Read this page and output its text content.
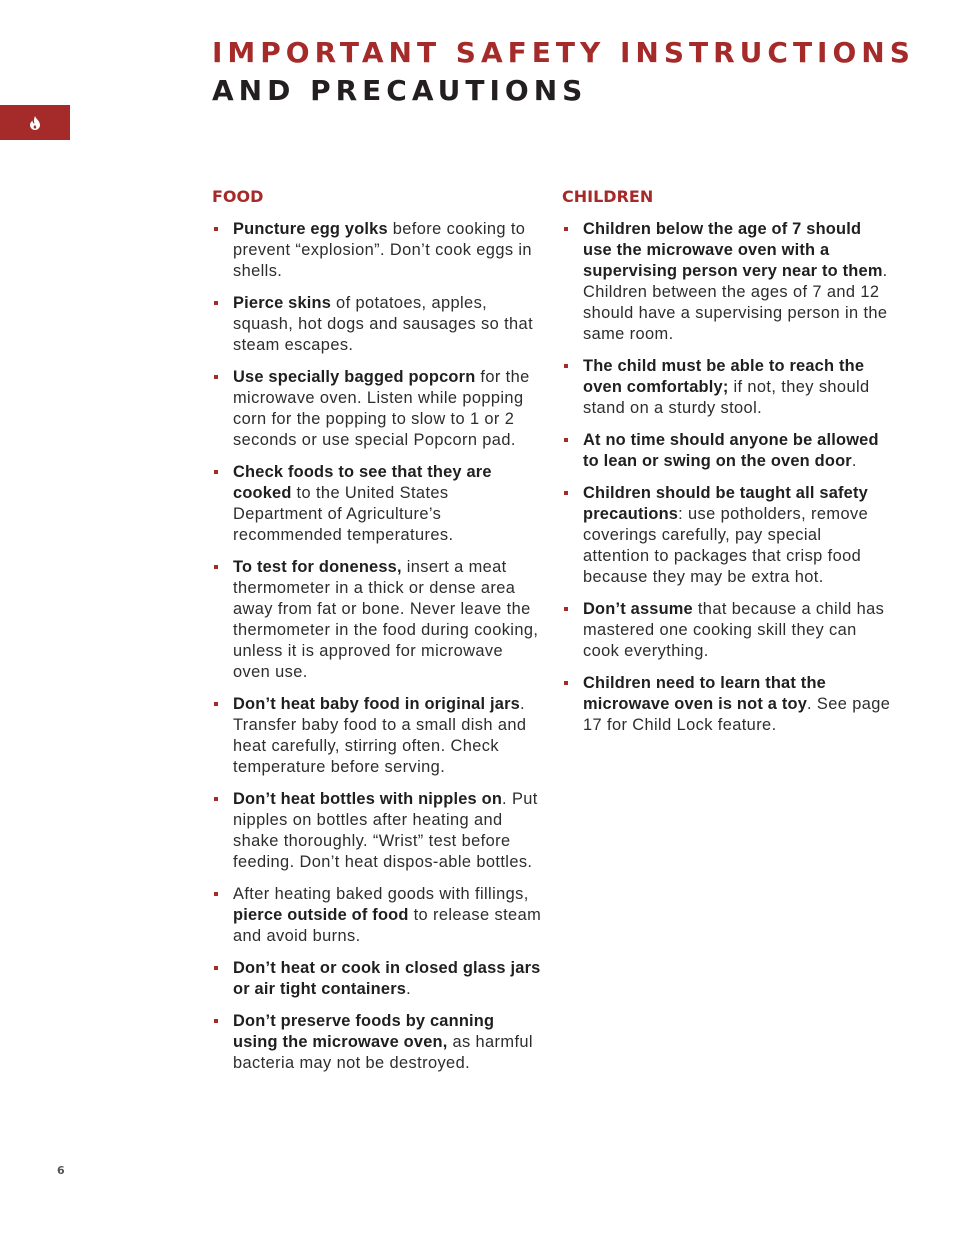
IMPORTANT SAFETY INSTRUCTIONS
AND PRECAUTIONS
FOOD
Puncture egg yolks before cooking to prevent “explosion”. Don’t cook eggs in shells.
Pierce skins of potatoes, apples, squash, hot dogs and sausages so that steam escapes.
Use specially bagged popcorn for the microwave oven. Listen while popping corn for the popping to slow to 1 or 2 seconds or use special Popcorn pad.
Check foods to see that they are cooked to the United States Department of Agriculture’s recommended temperatures.
To test for doneness, insert a meat thermometer in a thick or dense area away from fat or bone. Never leave the thermometer in the food during cooking, unless it is approved for microwave oven use.
Don’t heat baby food in original jars. Transfer baby food to a small dish and heat carefully, stirring often. Check temperature before serving.
Don’t heat bottles with nipples on. Put nipples on bottles after heating and shake thoroughly. “Wrist” test before feeding. Don’t heat dispos-able bottles.
After heating baked goods with fillings, pierce outside of food to release steam and avoid burns.
Don’t heat or cook in closed glass jars or air tight containers.
Don’t preserve foods by canning using the microwave oven, as harmful bacteria may not be destroyed.
CHILDREN
Children below the age of 7 should use the microwave oven with a supervising person very near to them. Children between the ages of 7 and 12 should have a supervising person in the same room.
The child must be able to reach the oven comfortably; if not, they should stand on a sturdy stool.
At no time should anyone be allowed to lean or swing on the oven door.
Children should be taught all safety precautions: use potholders, remove coverings carefully, pay special attention to packages that crisp food because they may be extra hot.
Don’t assume that because a child has mastered one cooking skill they can cook everything.
Children need to learn that the microwave oven is not a toy. See page 17 for Child Lock feature.
6
